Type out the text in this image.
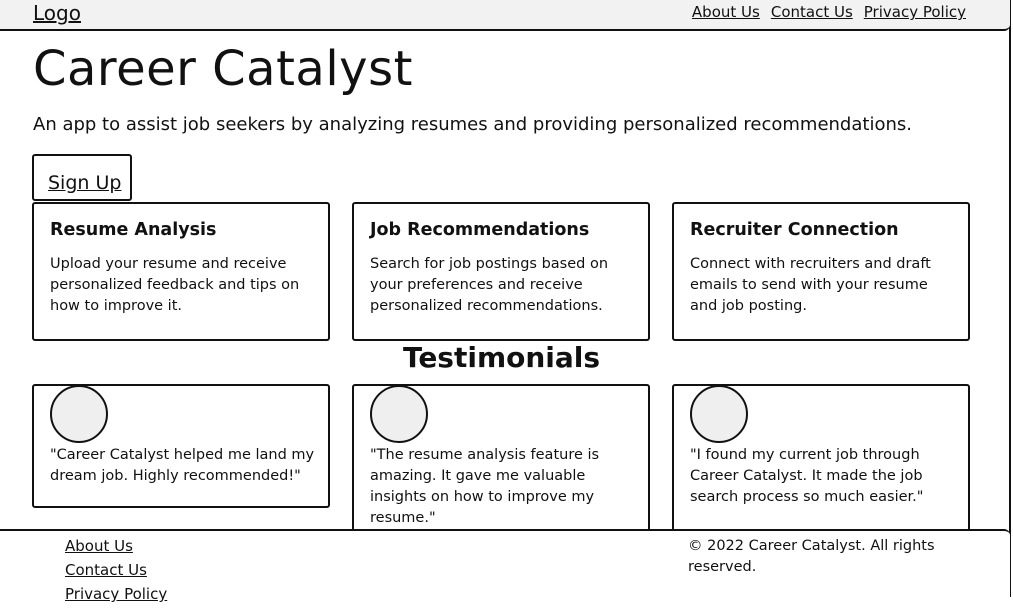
Logo	About Us Contact Us Privacy Policy
Career Catalyst

An app to assist job seekers by analyzing resumes and providing personalized recommendations.

Sign Up
Resume Analysis

Upload your resume and receive personalized feedback and tips on how to improve it.

Job Recommendations

Search for job postings based on your preferences and receive personalized recommendations.

Recruiter Connection

Connect with recruiters and draft emails to send with your resume and job posting.

Testimonials

"Career Catalyst helped me land my dream job. Highly recommended!"

"The resume analysis feature is amazing. It gave me valuable insights on how to improve my resume."

"I found my current job through Career Catalyst. It made the job search process so much easier."

About Us
Contact Us
Privacy Policy

© 2022 Career Catalyst. All rights reserved.
